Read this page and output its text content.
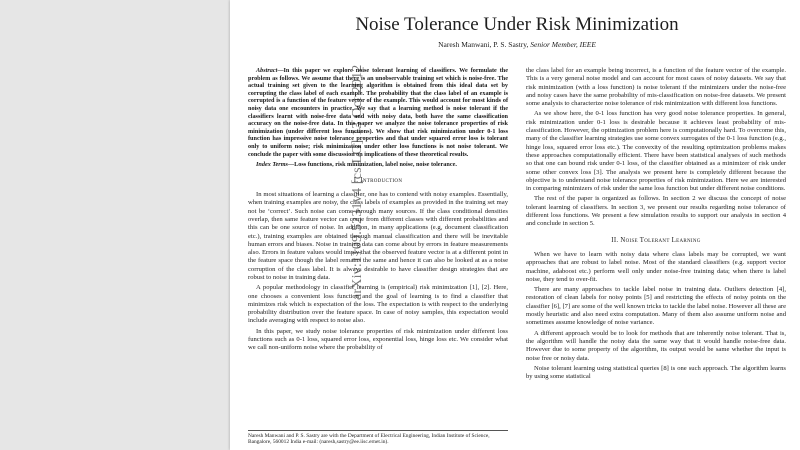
arXiv:1109.5231v4 [cs.LG] 13 Oct 2012
Noise Tolerance Under Risk Minimization
Naresh Manwani, P. S. Sastry, Senior Member, IEEE

Abstract—In this paper we explore noise tolerant learning of classifiers. We formulate the problem as follows. We assume that there is an unobservable training set which is noise-free. The actual training set given to the learning algorithm is obtained from this ideal data set by corrupting the class label of each example. The probability that the class label of an example is corrupted is a function of the feature vector of the example. This would account for most kinds of noisy data one encounters in practice. We say that a learning method is noise tolerant if the classifiers learnt with noise-free data and with noisy data, both have the same classification accuracy on the noise-free data. In this paper we analyze the noise tolerance properties of risk minimization (under different loss functions). We show that risk minimization under 0-1 loss function has impressive noise tolerance properties and that under squared error loss is tolerant only to uniform noise; risk minimization under other loss functions is not noise tolerant. We conclude the paper with some discussion on implications of these theoretical results.

Index Terms—Loss functions, risk minimization, label noise, noise tolerance.

I. Introduction

In most situations of learning a classifier, one has to contend with noisy examples. Essentially, when training examples are noisy, the class labels of examples as provided in the training set may not be ‘correct’. Such noise can come through many sources. If the class conditional densities overlap, then same feature vector can come from different classes with different probabilities and this can be one source of noise. In addition, in many applications (e.g, document classification etc.), training examples are obtained through manual classification and there will be inevitable human errors and biases. Noise in training data can come about by errors in feature measurements also. Errors in feature values would imply that the observed feature vector is at a different point in the feature space though the label remains the same and hence it can also be looked at as a noise corruption of the class label. It is always desirable to have classifier design strategies that are robust to noise in training data.

A popular methodology in classifier learning is (empirical) risk minimization [1], [2]. Here, one chooses a convenient loss function and the goal of learning is to find a classifier that minimizes risk which is expectation of the loss. The expectation is with respect to the underlying probability distribution over the feature space. In case of noisy samples, this expectation would include averaging with respect to noise also.

In this paper, we study noise tolerance properties of risk minimization under different loss functions such as 0-1 loss, squared error loss, exponential loss, hinge loss etc. We consider what we call non-uniform noise where the probability of

Naresh Manwani and P. S. Sastry are with the Department of Electrical Engineering, Indian Institute of Science, Bangalore, 560012 India e-mail: (naresh,sastry@ee.iisc.ernet.in).

the class label for an example being incorrect, is a function of the feature vector of the example. This is a very general noise model and can account for most cases of noisy datasets. We say that risk minimization (with a loss function) is noise tolerant if the minimizers under the noise-free and noisy cases have the same probability of mis-classification on noise-free datasets. We present some analysis to characterize noise tolerance of risk minimization with different loss functions.

As we show here, the 0-1 loss function has very good noise tolerance properties. In general, risk minimization under 0-1 loss is desirable because it achieves least probability of mis-classification. However, the optimization problem here is computationally hard. To overcome this, many of the classifier learning strategies use some convex surrogates of the 0-1 loss function (e.g., hinge loss, squared error loss etc.). The convexity of the resulting optimization problems makes these approaches computationally efficient. There have been statistical analyses of such methods so that one can bound risk under 0-1 loss, of the classifier obtained as a minimizer of risk under some other convex loss [3]. The analysis we present here is completely different because the objective is to understand noise tolerance properties of risk minimization. Here we are interested in comparing minimizers of risk under the same loss function but under different noise conditions.

The rest of the paper is organized as follows. In section 2 we discuss the concept of noise tolerant learning of classifiers. In section 3, we present our results regarding noise tolerance of different loss functions. We present a few simulation results to support our analysis in section 4 and conclude in section 5.

II. Noise Tolerant Learning

When we have to learn with noisy data where class labels may be corrupted, we want approaches that are robust to label noise. Most of the standard classifiers (e.g. support vector machine, adaboost etc.) perform well only under noise-free training data; when there is label noise, they tend to over-fit.

There are many approaches to tackle label noise in training data. Outliers detection [4], restoration of clean labels for noisy points [5] and restricting the effects of noisy points on the classifier [6], [7] are some of the well known tricks to tackle the label noise. However all these are mostly heuristic and also need extra computation. Many of them also assume uniform noise and sometimes assume knowledge of noise variance.

A different approach would be to look for methods that are inherently noise tolerant. That is, the algorithm will handle the noisy data the same way that it would handle noise-free data. However due to some property of the algorithm, its output would be same whether the input is noise free or noisy data.

Noise tolerant learning using statistical queries [8] is one such approach. The algorithm learns by using some statistical
